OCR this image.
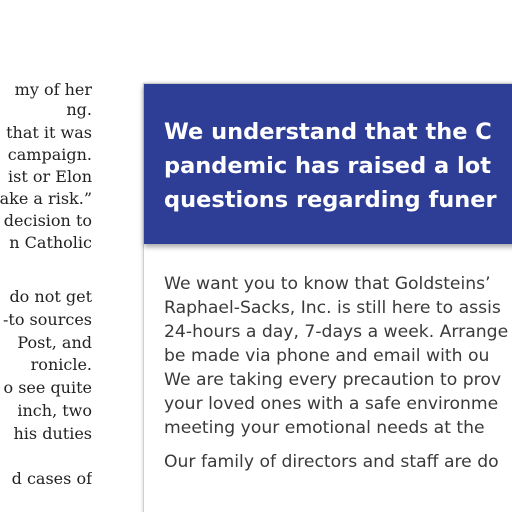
my of her
ng.
that it was
campaign.
ist or Elon
ake a risk.”
decision to
n Catholic
do not get
-to sources
Post, and
ronicle.
o see quite
inch, two
his duties
d cases of
We understand that the C
pandemic has raised a lot
questions regarding funer
We want you to know that Goldsteins’
Raphael-Sacks, Inc. is still here to assis
24-hours a day, 7-days a week. Arrange
be made via phone and email with ou
We are taking every precaution to prov
your loved ones with a safe environme
meeting your emotional needs at the
Our family of directors and staff are do
